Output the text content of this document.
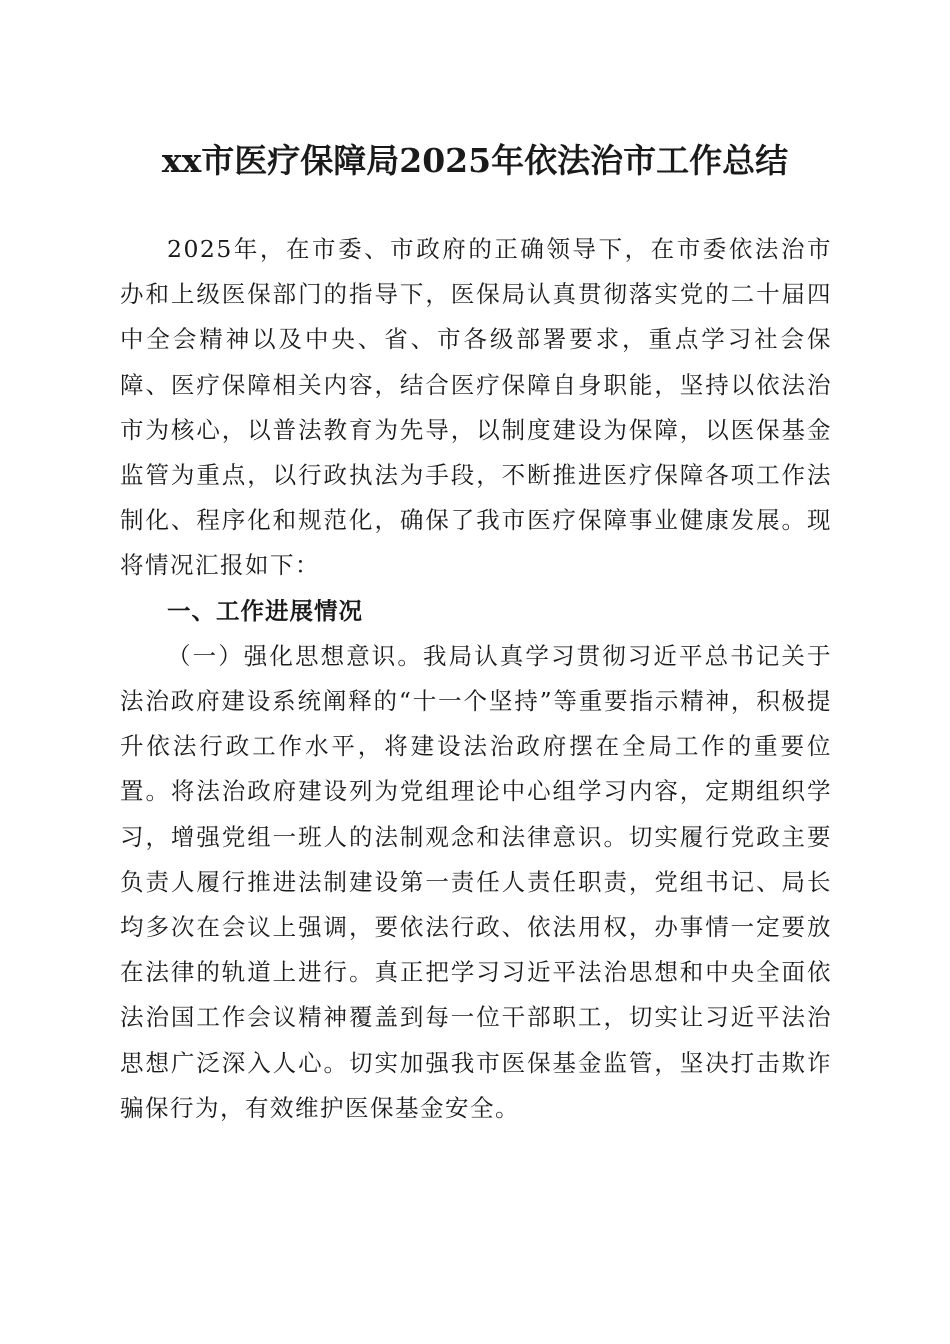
xx市医疗保障局2025年依法治市工作总结

2025年，在市委、市政府的正确领导下，在市委依法治市办和上级医保部门的指导下，医保局认真贯彻落实党的二十届四中全会精神以及中央、省、市各级部署要求，重点学习社会保障、医疗保障相关内容，结合医疗保障自身职能，坚持以依法治市为核心，以普法教育为先导，以制度建设为保障，以医保基金监管为重点，以行政执法为手段，不断推进医疗保障各项工作法制化、程序化和规范化，确保了我市医疗保障事业健康发展。现将情况汇报如下：

一、工作进展情况

（一）强化思想意识。我局认真学习贯彻习近平总书记关于法治政府建设系统阐释的“十一个坚持”等重要指示精神，积极提升依法行政工作水平，将建设法治政府摆在全局工作的重要位置。将法治政府建设列为党组理论中心组学习内容，定期组织学习，增强党组一班人的法制观念和法律意识。切实履行党政主要负责人履行推进法制建设第一责任人责任职责，党组书记、局长均多次在会议上强调，要依法行政、依法用权，办事情一定要放在法律的轨道上进行。真正把学习习近平法治思想和中央全面依法治国工作会议精神覆盖到每一位干部职工，切实让习近平法治思想广泛深入人心。切实加强我市医保基金监管，坚决打击欺诈骗保行为，有效维护医保基金安全。
